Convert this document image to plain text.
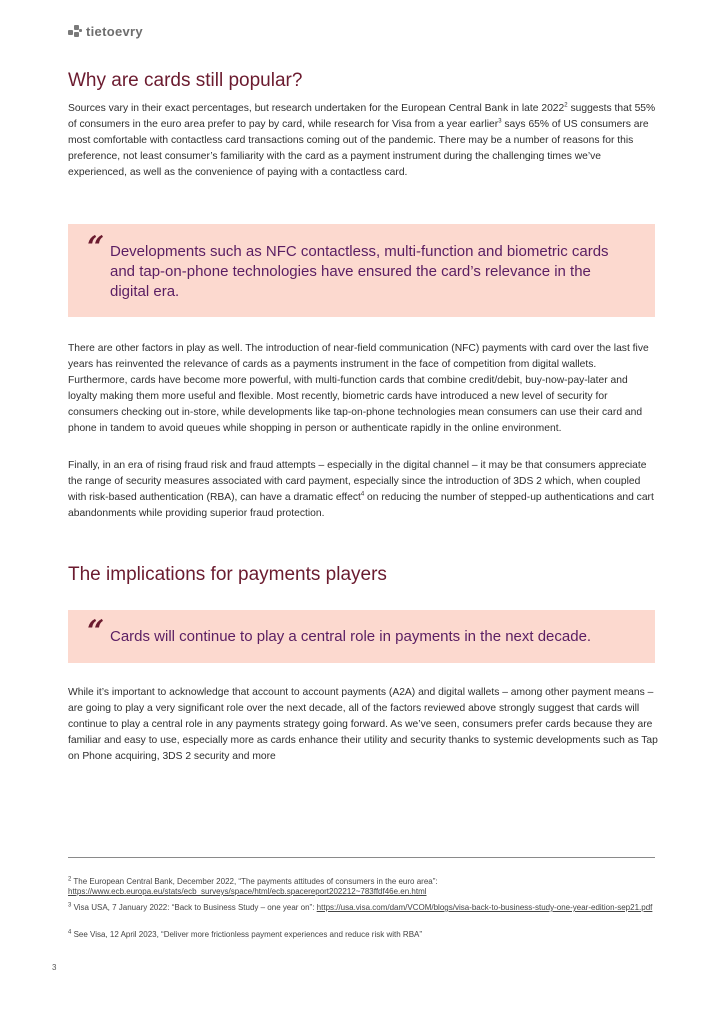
tietoevry
Why are cards still popular?

Sources vary in their exact percentages, but research undertaken for the European Central Bank in late 2022$^2$ suggests that 55% of consumers in the euro area prefer to pay by card, while research for Visa from a year earlier$^3$ says 65% of US consumers are most comfortable with contactless card transactions coming out of the pandemic. There may be a number of reasons for this preference, not least consumer’s familiarity with the card as a payment instrument during the challenging times we’ve experienced, as well as the convenience of paying with a contactless card.

“ Developments such as NFC contactless, multi-function and biometric cards and tap-on-phone technologies have ensured the card’s relevance in the digital era.

There are other factors in play as well. The introduction of near-field communication (NFC) payments with card over the last five years has reinvented the relevance of cards as a payments instrument in the face of competition from digital wallets. Furthermore, cards have become more powerful, with multi-function cards that combine credit/debit, buy-now-pay-later and loyalty making them more useful and flexible. Most recently, biometric cards have introduced a new level of security for consumers checking out in-store, while developments like tap-on-phone technologies mean consumers can use their card and phone in tandem to avoid queues while shopping in person or authenticate rapidly in the online environment.

Finally, in an era of rising fraud risk and fraud attempts – especially in the digital channel – it may be that consumers appreciate the range of security measures associated with card payment, especially since the introduction of 3DS 2 which, when coupled with risk-based authentication (RBA), can have a dramatic effect$^4$ on reducing the number of stepped-up authentications and cart abandonments while providing superior fraud protection.

The implications for payments players
“ Cards will continue to play a central role in payments in the next decade.

While it’s important to acknowledge that account to account payments (A2A) and digital wallets – among other payment means – are going to play a very significant role over the next decade, all of the factors reviewed above strongly suggest that cards will continue to play a central role in any payments strategy going forward. As we’ve seen, consumers prefer cards because they are familiar and easy to use, especially more as cards enhance their utility and security thanks to systemic developments such as Tap on Phone acquiring, 3DS 2 security and more

$^2$ The European Central Bank, December 2022, “The payments attitudes of consumers in the euro area”: https://www.ecb.europa.eu/stats/ecb_surveys/space/html/ecb.spacereport202212~783ffdf46e.en.html
$^3$ Visa USA, 7 January 2022: “Back to Business Study – one year on”: https://usa.visa.com/dam/VCOM/blogs/visa-back-to-business-study-one-year-edition-sep21.pdf
$^4$ See Visa, 12 April 2023, “Deliver more frictionless payment experiences and reduce risk with RBA”
3
